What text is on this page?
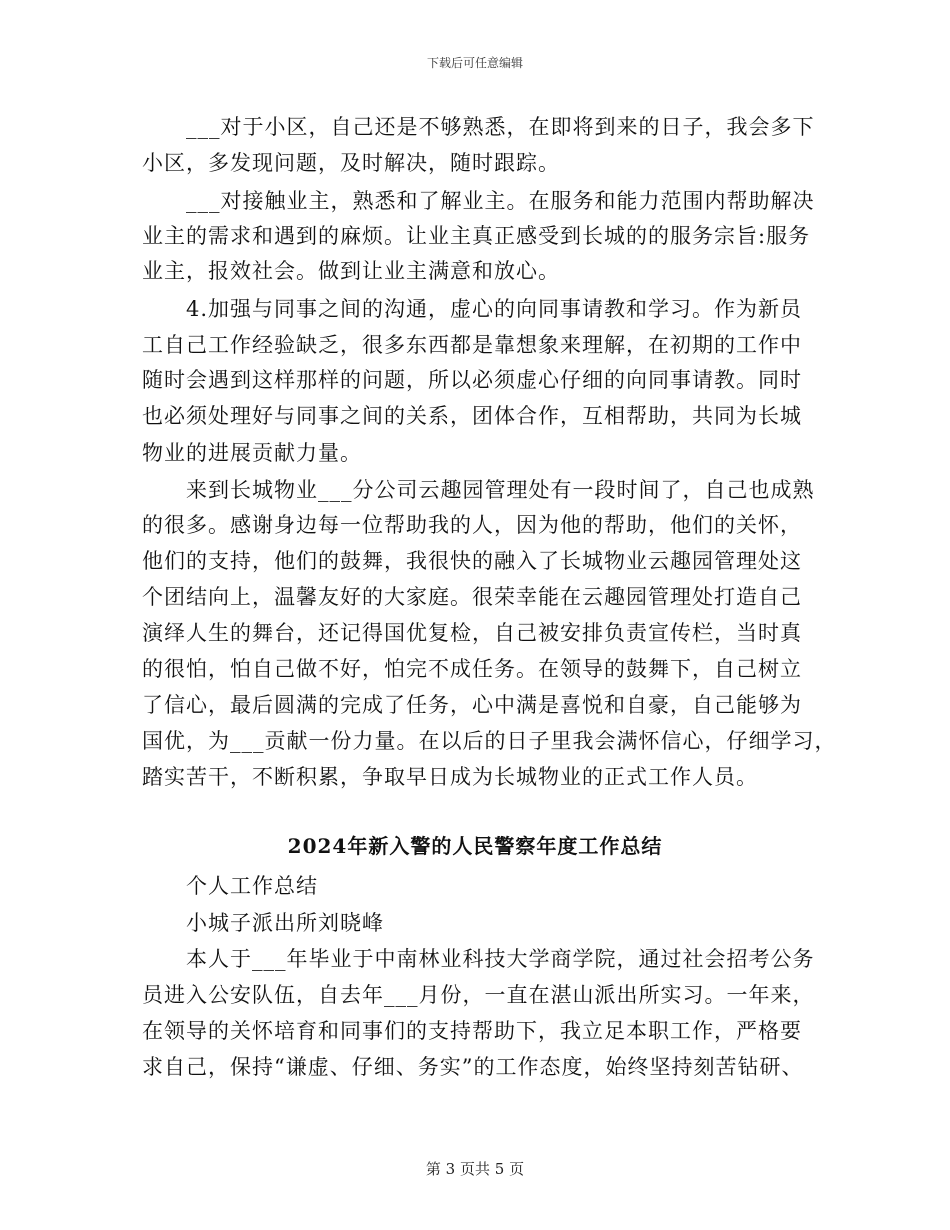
下载后可任意编辑
___对于小区，自己还是不够熟悉，在即将到来的日子，我会多下
小区，多发现问题，及时解决，随时跟踪。
___对接触业主，熟悉和了解业主。在服务和能力范围内帮助解决
业主的需求和遇到的麻烦。让业主真正感受到长城的的服务宗旨:服务
业主，报效社会。做到让业主满意和放心。
4.加强与同事之间的沟通，虚心的向同事请教和学习。作为新员
工自己工作经验缺乏，很多东西都是靠想象来理解，在初期的工作中
随时会遇到这样那样的问题，所以必须虚心仔细的向同事请教。同时
也必须处理好与同事之间的关系，团体合作，互相帮助，共同为长城
物业的进展贡献力量。
来到长城物业___分公司云趣园管理处有一段时间了，自己也成熟
的很多。感谢身边每一位帮助我的人，因为他的帮助，他们的关怀，
他们的支持，他们的鼓舞，我很快的融入了长城物业云趣园管理处这
个团结向上，温馨友好的大家庭。很荣幸能在云趣园管理处打造自己
演绎人生的舞台，还记得国优复检，自己被安排负责宣传栏，当时真
的很怕，怕自己做不好，怕完不成任务。在领导的鼓舞下，自己树立
了信心，最后圆满的完成了任务，心中满是喜悦和自豪，自己能够为
国优，为___贡献一份力量。在以后的日子里我会满怀信心，仔细学习，
踏实苦干，不断积累，争取早日成为长城物业的正式工作人员。
2024年新入警的人民警察年度工作总结
个人工作总结
小城子派出所刘晓峰
本人于___年毕业于中南林业科技大学商学院，通过社会招考公务
员进入公安队伍，自去年___月份，一直在湛山派出所实习。一年来，
在领导的关怀培育和同事们的支持帮助下，我立足本职工作，严格要
求自己，保持“谦虚、仔细、务实”的工作态度，始终坚持刻苦钻研、
第 3 页共 5 页
